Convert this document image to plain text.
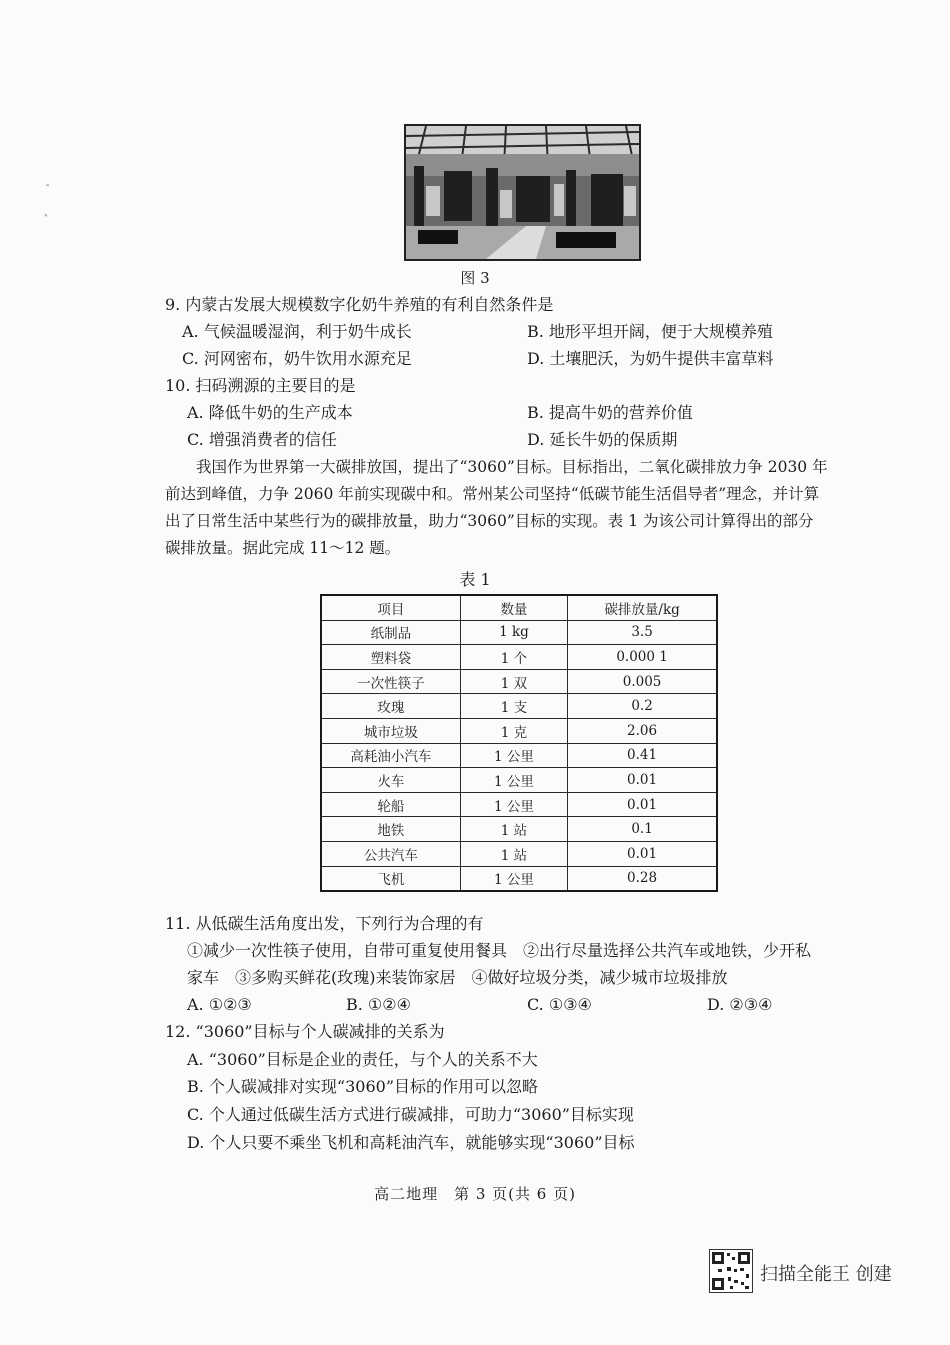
-
、
图 3
9. 内蒙古发展大规模数字化奶牛养殖的有利自然条件是
A. 气候温暖湿润，利于奶牛成长	B. 地形平坦开阔，便于大规模养殖
C. 河网密布，奶牛饮用水源充足	D. 土壤肥沃，为奶牛提供丰富草料
10. 扫码溯源的主要目的是
A. 降低牛奶的生产成本	B. 提高牛奶的营养价值
C. 增强消费者的信任	D. 延长牛奶的保质期
我国作为世界第一大碳排放国，提出了“3060”目标。目标指出，二氧化碳排放力争 2030 年
前达到峰值，力争 2060 年前实现碳中和。常州某公司坚持“低碳节能生活倡导者”理念，并计算
出了日常生活中某些行为的碳排放量，助力“3060”目标的实现。表 1 为该公司计算得出的部分
碳排放量。据此完成 11～12 题。
表 1
项目	数量	碳排放量/kg
纸制品	1 kg	3.5
塑料袋	1 个	0.000 1
一次性筷子	1 双	0.005
玫瑰	1 支	0.2
城市垃圾	1 克	2.06
高耗油小汽车	1 公里	0.41
火车	1 公里	0.01
轮船	1 公里	0.01
地铁	1 站	0.1
公共汽车	1 站	0.01
飞机	1 公里	0.28
11. 从低碳生活角度出发，下列行为合理的有
①减少一次性筷子使用，自带可重复使用餐具　②出行尽量选择公共汽车或地铁，少开私
家车　③多购买鲜花(玫瑰)来装饰家居　④做好垃圾分类，减少城市垃圾排放
A. ①②③	B. ①②④	C. ①③④	D. ②③④
12. “3060”目标与个人碳减排的关系为
A. “3060”目标是企业的责任，与个人的关系不大
B. 个人碳减排对实现“3060”目标的作用可以忽略
C. 个人通过低碳生活方式进行碳减排，可助力“3060”目标实现
D. 个人只要不乘坐飞机和高耗油汽车，就能够实现“3060”目标
高二地理　第 3 页(共 6 页)
扫描全能王 创建
